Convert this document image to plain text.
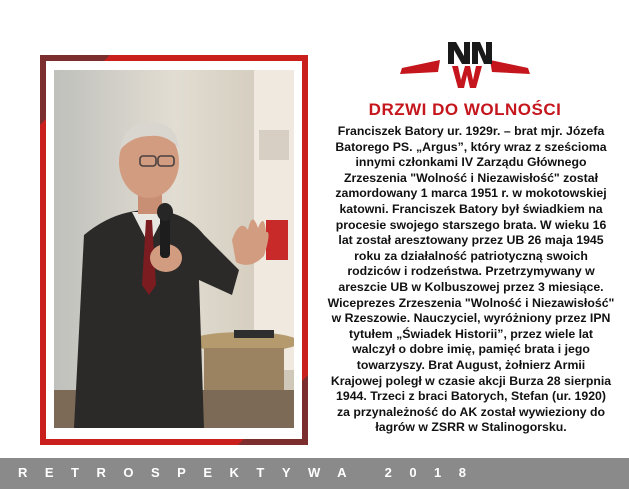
DRZWI DO WOLNOŚCI

Franciszek Batory ur. 1929r. – brat mjr. Józefa
Batorego PS. „Argus”, który wraz z sześcioma
innymi członkami IV Zarządu Głównego
Zrzeszenia "Wolność i Niezawisłość" został
zamordowany 1 marca 1951 r. w mokotowskiej
katowni. Franciszek Batory był świadkiem na
procesie swojego starszego brata. W wieku 16
lat został aresztowany przez UB 26 maja 1945
roku za działalność patriotyczną swoich
rodziców i rodzeństwa. Przetrzymywany w
areszcie UB w Kolbuszowej przez 3 miesiące.
Wiceprezes Zrzeszenia "Wolność i Niezawisłość"
w Rzeszowie. Nauczyciel, wyróżniony przez IPN
tytułem „Świadek Historii”, przez wiele lat
walczył o dobre imię, pamięć brata i jego
towarzyszy. Brat August, żołnierz Armii
Krajowej poległ w czasie akcji Burza 28 sierpnia
1944. Trzeci z braci Batorych, Stefan (ur. 1920)
za przynależność do AK został wywieziony do
łagrów w ZSRR w Stalinogorsku.

RETROSPEKTYWA 2018
